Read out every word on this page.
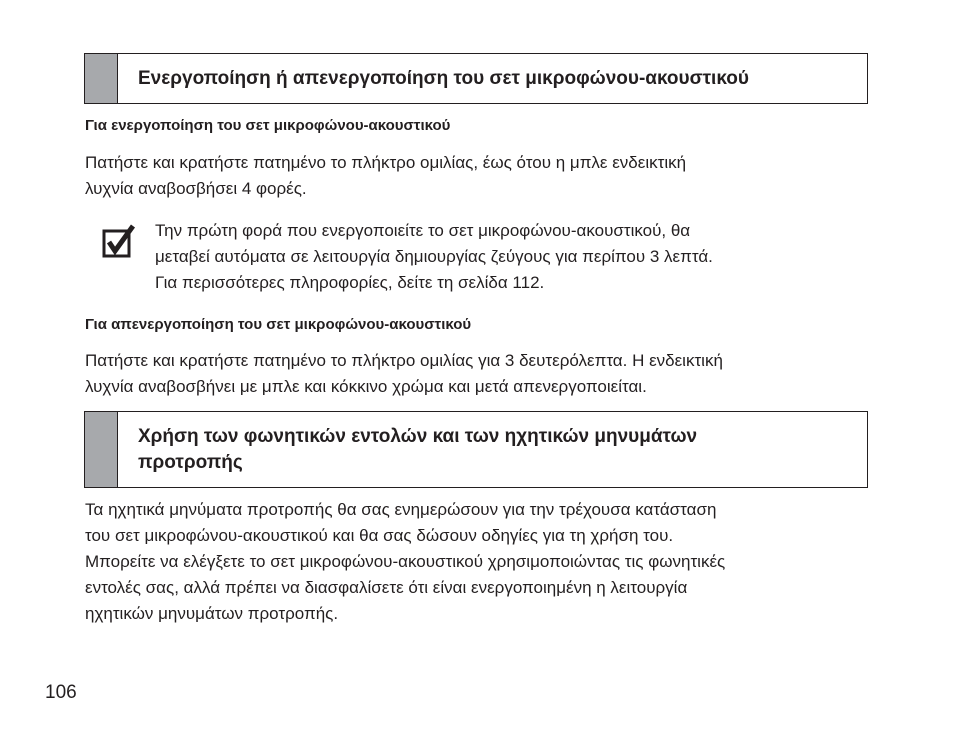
Ενεργοποίηση ή απενεργοποίηση του σετ μικροφώνου-ακουστικού
Για ενεργοποίηση του σετ μικροφώνου-ακουστικού
Πατήστε και κρατήστε πατημένο το πλήκτρο ομιλίας, έως ότου η μπλε ενδεικτική
λυχνία αναβοσβήσει 4 φορές.
Την πρώτη φορά που ενεργοποιείτε το σετ μικροφώνου-ακουστικού, θα
μεταβεί αυτόματα σε λειτουργία δημιουργίας ζεύγους για περίπου 3 λεπτά.
Για περισσότερες πληροφορίες, δείτε τη σελίδα 112.
Για απενεργοποίηση του σετ μικροφώνου-ακουστικού
Πατήστε και κρατήστε πατημένο το πλήκτρο ομιλίας για 3 δευτερόλεπτα. Η ενδεικτική
λυχνία αναβοσβήνει με μπλε και κόκκινο χρώμα και μετά απενεργοποιείται.
Χρήση των φωνητικών εντολών και των ηχητικών μηνυμάτων
προτροπής
Τα ηχητικά μηνύματα προτροπής θα σας ενημερώσουν για την τρέχουσα κατάσταση
του σετ μικροφώνου-ακουστικού και θα σας δώσουν οδηγίες για τη χρήση του.
Μπορείτε να ελέγξετε το σετ μικροφώνου-ακουστικού χρησιμοποιώντας τις φωνητικές
εντολές σας, αλλά πρέπει να διασφαλίσετε ότι είναι ενεργοποιημένη η λειτουργία
ηχητικών μηνυμάτων προτροπής.
106
